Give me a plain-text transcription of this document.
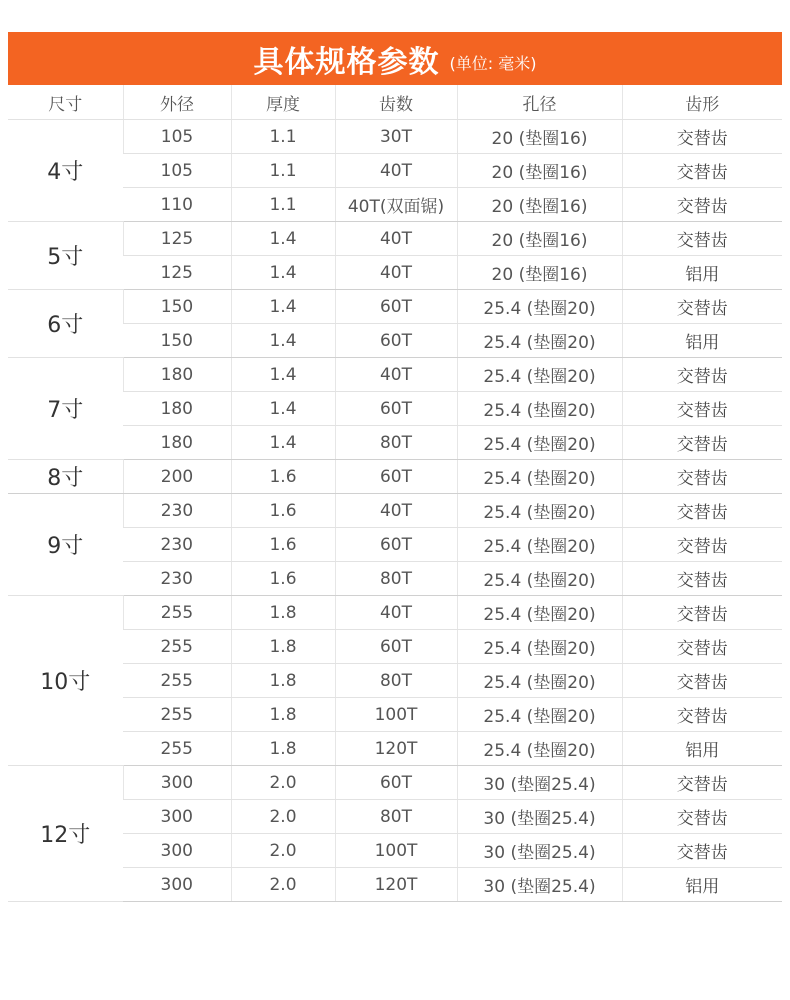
具体规格参数 (单位: 毫米)
尺寸	外径	厚度	齿数	孔径	齿形
4寸	105	1.1	30T	20 (垫圈16)	交替齿
	105	1.1	40T	20 (垫圈16)	交替齿
	110	1.1	40T(双面锯)	20 (垫圈16)	交替齿
5寸	125	1.4	40T	20 (垫圈16)	交替齿
	125	1.4	40T	20 (垫圈16)	铝用
6寸	150	1.4	60T	25.4 (垫圈20)	交替齿
	150	1.4	60T	25.4 (垫圈20)	铝用
7寸	180	1.4	40T	25.4 (垫圈20)	交替齿
	180	1.4	60T	25.4 (垫圈20)	交替齿
	180	1.4	80T	25.4 (垫圈20)	交替齿
8寸	200	1.6	60T	25.4 (垫圈20)	交替齿
9寸	230	1.6	40T	25.4 (垫圈20)	交替齿
	230	1.6	60T	25.4 (垫圈20)	交替齿
	230	1.6	80T	25.4 (垫圈20)	交替齿
10寸	255	1.8	40T	25.4 (垫圈20)	交替齿
	255	1.8	60T	25.4 (垫圈20)	交替齿
	255	1.8	80T	25.4 (垫圈20)	交替齿
	255	1.8	100T	25.4 (垫圈20)	交替齿
	255	1.8	120T	25.4 (垫圈20)	铝用
12寸	300	2.0	60T	30 (垫圈25.4)	交替齿
	300	2.0	80T	30 (垫圈25.4)	交替齿
	300	2.0	100T	30 (垫圈25.4)	交替齿
	300	2.0	120T	30 (垫圈25.4)	铝用
